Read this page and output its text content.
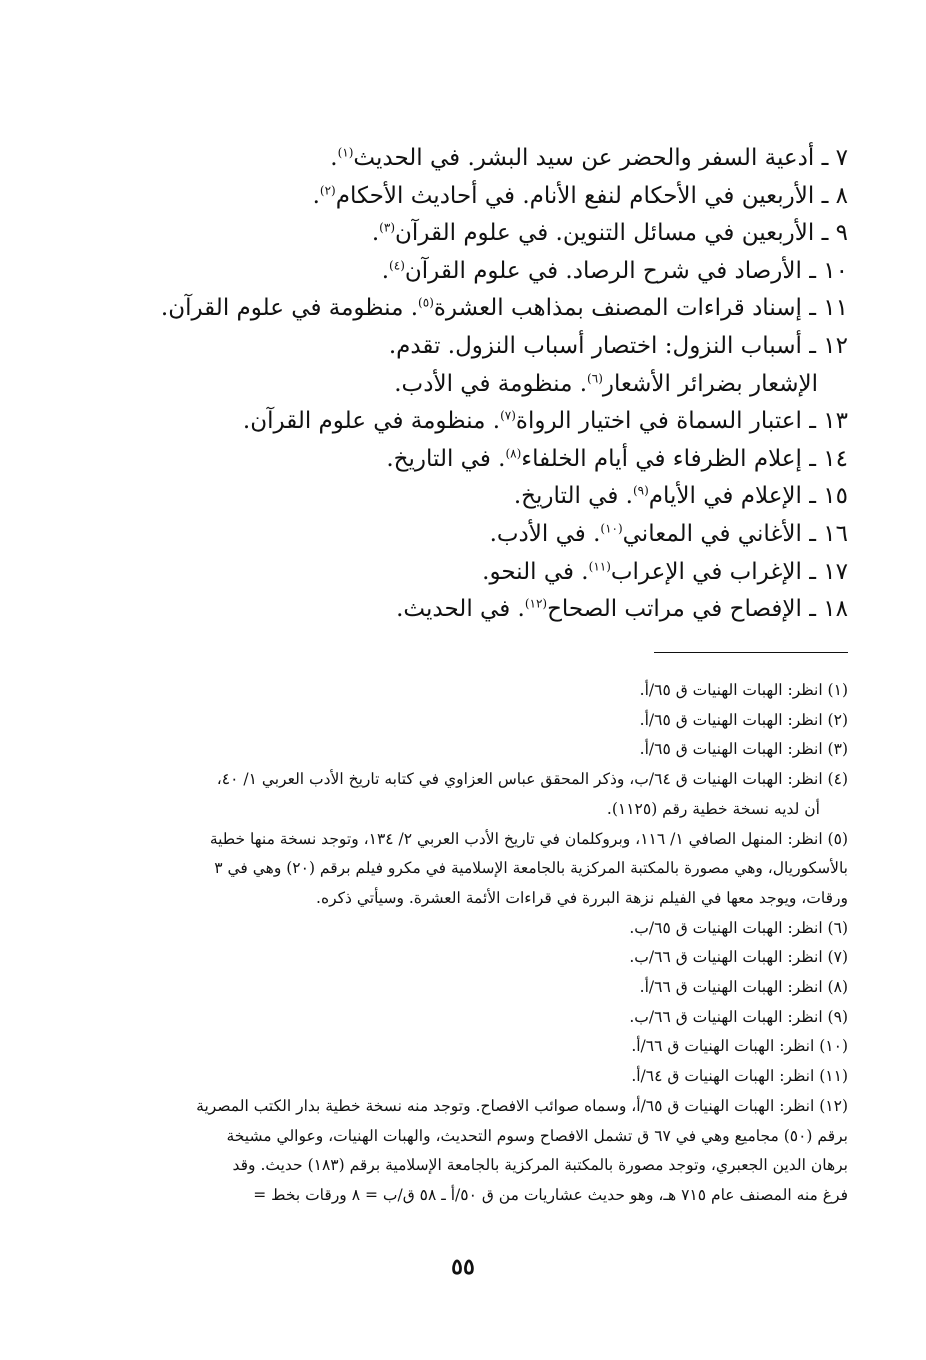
٧ ـ أدعية السفر والحضر عن سيد البشر. في الحديث$^{(١)}$.
٨ ـ الأربعين في الأحكام لنفع الأنام. في أحاديث الأحكام$^{(٢)}$.
٩ ـ الأربعين في مسائل التنوين. في علوم القرآن$^{(٣)}$.
١٠ ـ الأرصاد في شرح الرصاد. في علوم القرآن$^{(٤)}$.
١١ ـ إسناد قراءات المصنف بمذاهب العشرة$^{(٥)}$. منظومة في علوم القرآن.
١٢ ـ أسباب النزول: اختصار أسباب النزول. تقدم.
الإشعار بضرائر الأشعار$^{(٦)}$. منظومة في الأدب.
١٣ ـ اعتبار السماة في اختيار الرواة$^{(٧)}$. منظومة في علوم القرآن.
١٤ ـ إعلام الظرفاء في أيام الخلفاء$^{(٨)}$. في التاريخ.
١٥ ـ الإعلام في الأيام$^{(٩)}$. في التاريخ.
١٦ ـ الأغاني في المعاني$^{(١٠)}$. في الأدب.
١٧ ـ الإغراب في الإعراب$^{(١١)}$. في النحو.
١٨ ـ الإفصاح في مراتب الصحاح$^{(١٢)}$. في الحديث.
(١) انظر: الهبات الهنيات ق ٦٥/أ.
(٢) انظر: الهبات الهنيات ق ٦٥/أ.
(٣) انظر: الهبات الهنيات ق ٦٥/أ.
(٤) انظر: الهبات الهنيات ق ٦٤/ب، وذكر المحقق عباس العزاوي في كتابه تاريخ الأدب العربي ١/ ٤٠،
أن لديه نسخة خطية رقم (١١٢٥).
(٥) انظر: المنهل الصافي ١/ ١١٦، وبروكلمان في تاريخ الأدب العربي ٢/ ١٣٤، وتوجد نسخة منها خطية
بالأسكوريال، وهي مصورة بالمكتبة المركزية بالجامعة الإسلامية في مكرو فيلم برقم (٢٠) وهي في ٣
ورقات، ويوجد معها في الفيلم نزهة البررة في قراءات الأئمة العشرة. وسيأتي ذكره.
(٦) انظر: الهبات الهنيات ق ٦٥/ب.
(٧) انظر: الهبات الهنيات ق ٦٦/ب.
(٨) انظر: الهبات الهنيات ق ٦٦/أ.
(٩) انظر: الهبات الهنيات ق ٦٦/ب.
(١٠) انظر: الهبات الهنيات ق ٦٦/أ.
(١١) انظر: الهبات الهنيات ق ٦٤/أ.
(١٢) انظر: الهبات الهنيات ق ٦٥/أ، وسماه صوائب الافصاح. وتوجد منه نسخة خطية بدار الكتب المصرية
برقم (٥٠) مجاميع وهي في ٦٧ ق تشمل الافصاح وسوم التحديث، والهبات الهنيات، وعوالي مشيخة
برهان الدين الجعبري، وتوجد مصورة بالمكتبة المركزية بالجامعة الإسلامية برقم (١٨٣) حديث. وقد
فرغ منه المصنف عام ٧١٥ هـ، وهو حديث عشاريات من ق ٥٠/أ ـ ٥٨ ق/ب = ٨ ورقات بخط =
٥٥
